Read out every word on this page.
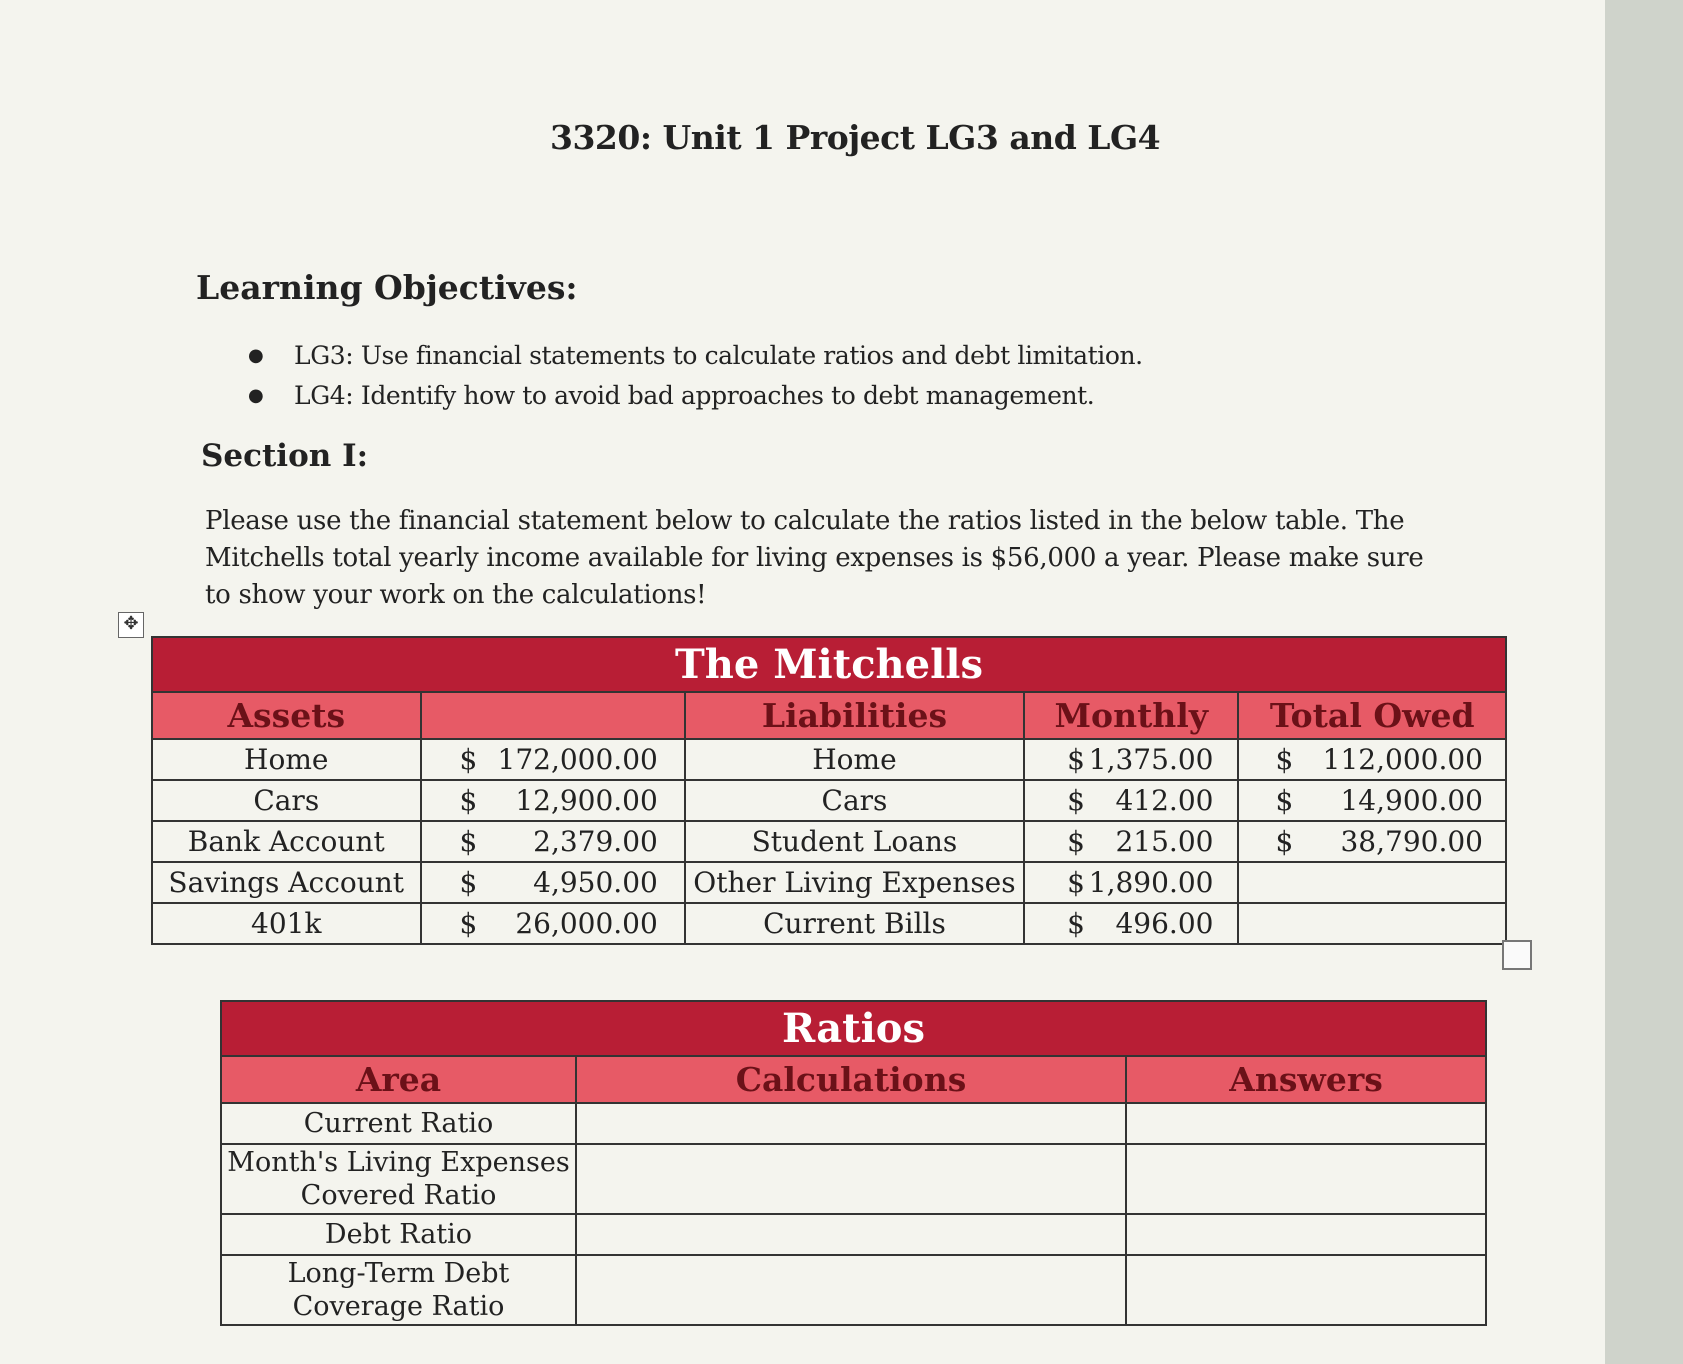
3320: Unit 1 Project LG3 and LG4
Learning Objectives:
● LG3: Use financial statements to calculate ratios and debt limitation.
● LG4: Identify how to avoid bad approaches to debt management.
Section I:
Please use the financial statement below to calculate the ratios listed in the below table. The Mitchells total yearly income available for living expenses is $56,000 a year. Please make sure to show your work on the calculations!
✥
The Mitchells				
Assets		Liabilities	Monthly	Total Owed
Home	$ 172,000.00	Home	$ 1,375.00	$ 112,000.00

Cars	$ 12,900.00	Cars	$ 412.00	$ 14,900.00

Bank Account	$ 2,379.00	Student Loans	$ 215.00	$ 38,790.00

Savings Account	$ 4,950.00	Other Living Expenses	$ 1,890.00	

401k	$ 26,000.00	Current Bills	$ 496.00	

Ratios		
Area	Calculations	Answers
Current Ratio		
Month's Living Expenses Covered Ratio		
Debt Ratio		
Long-Term Debt Coverage Ratio		
